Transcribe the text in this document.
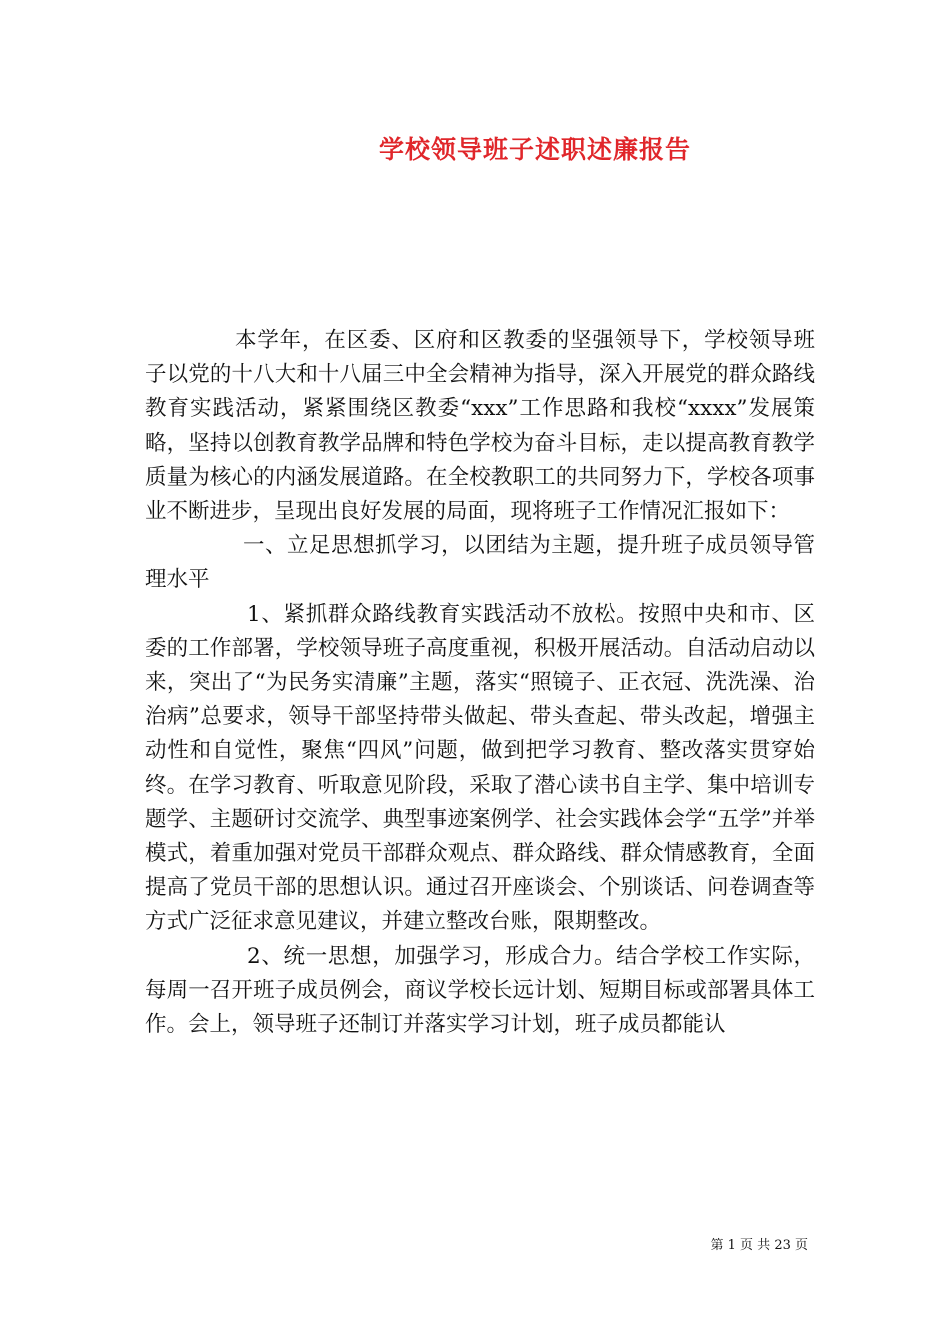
学校领导班子述职述廉报告

本学年，在区委、区府和区教委的坚强领导下，学校领导班子以党的十八大和十八届三中全会精神为指导，深入开展党的群众路线教育实践活动，紧紧围绕区教委“xxx”工作思路和我校“xxxx”发展策略，坚持以创教育教学品牌和特色学校为奋斗目标，走以提高教育教学质量为核心的内涵发展道路。在全校教职工的共同努力下，学校各项事业不断进步，呈现出良好发展的局面，现将班子工作情况汇报如下：

一、立足思想抓学习，以团结为主题，提升班子成员领导管理水平

1、紧抓群众路线教育实践活动不放松。按照中央和市、区委的工作部署，学校领导班子高度重视，积极开展活动。自活动启动以来，突出了“为民务实清廉”主题，落实“照镜子、正衣冠、洗洗澡、治治病”总要求，领导干部坚持带头做起、带头查起、带头改起，增强主动性和自觉性，聚焦“四风”问题，做到把学习教育、整改落实贯穿始终。在学习教育、听取意见阶段，采取了潜心读书自主学、集中培训专题学、主题研讨交流学、典型事迹案例学、社会实践体会学“五学”并举模式，着重加强对党员干部群众观点、群众路线、群众情感教育，全面提高了党员干部的思想认识。通过召开座谈会、个别谈话、问卷调查等方式广泛征求意见建议，并建立整改台账，限期整改。

2、统一思想，加强学习，形成合力。结合学校工作实际，每周一召开班子成员例会，商议学校长远计划、短期目标或部署具体工作。会上，领导班子还制订并落实学习计划，班子成员都能认

第 1 页 共 23 页
